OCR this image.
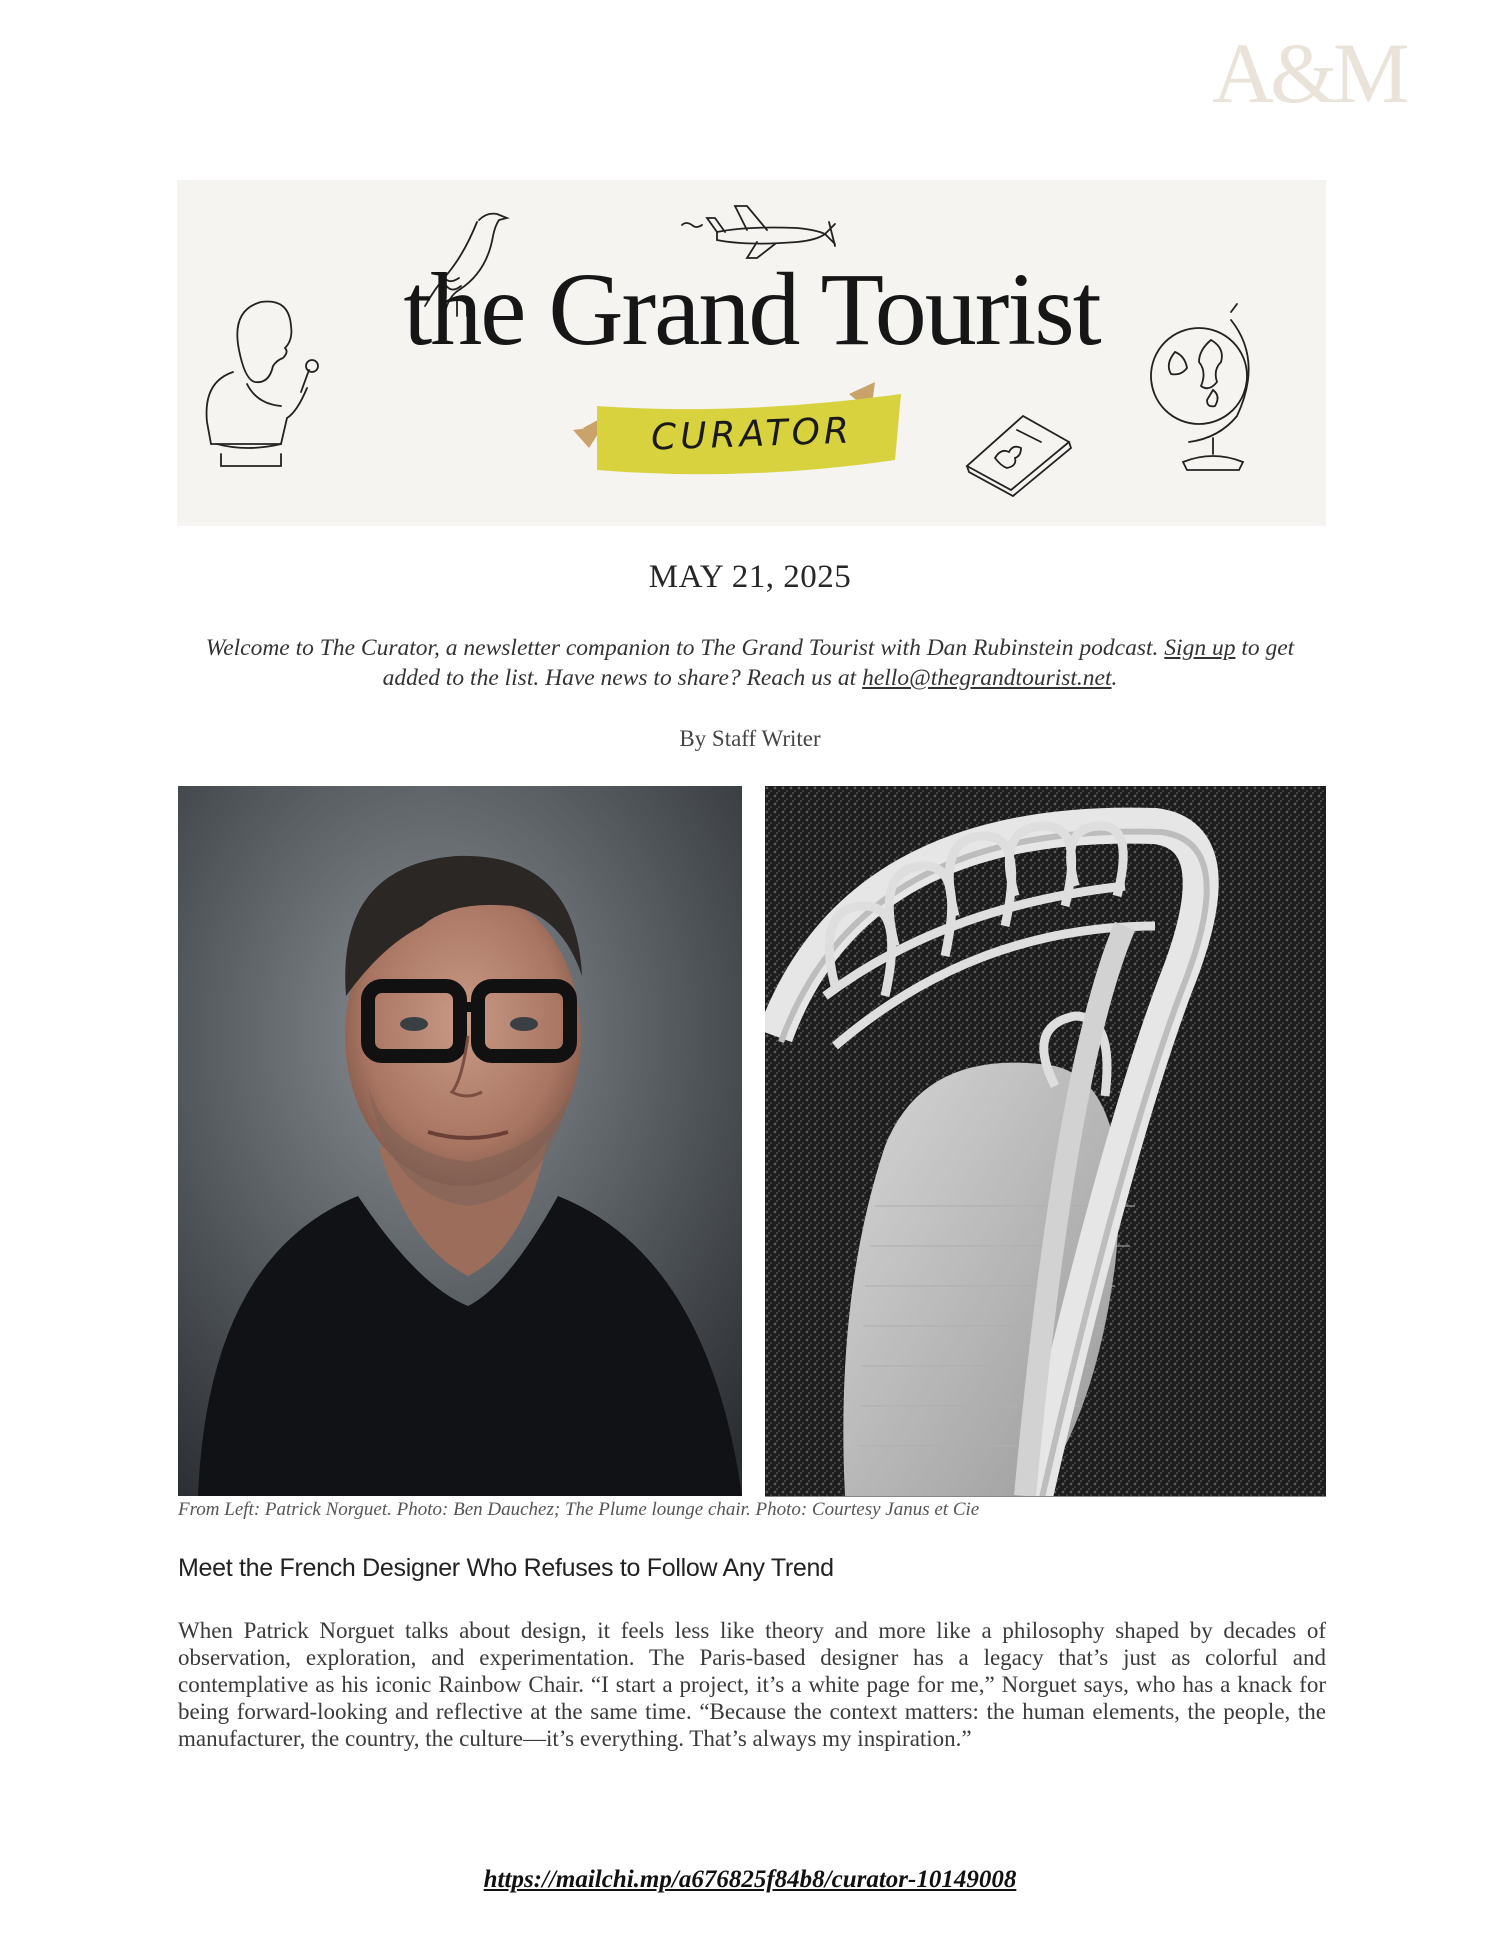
A&M
the Grand Tourist
CURATOR
MAY 21, 2025
Welcome to The Curator, a newsletter companion to The Grand Tourist with Dan Rubinstein podcast. Sign up to get added to the list. Have news to share? Reach us at hello@thegrandtourist.net.
By Staff Writer
From Left: Patrick Norguet. Photo: Ben Dauchez; The Plume lounge chair. Photo: Courtesy Janus et Cie
Meet the French Designer Who Refuses to Follow Any Trend
When Patrick Norguet talks about design, it feels less like theory and more like a philosophy shaped by decades of observation, exploration, and experimentation. The Paris-based designer has a legacy that’s just as colorful and contemplative as his iconic Rainbow Chair. “I start a project, it’s a white page for me,” Norguet says, who has a knack for being forward-looking and reflective at the same time. “Because the context matters: the human elements, the people, the manufacturer, the country, the culture—it’s everything. That’s always my inspiration.”
https://mailchi.mp/a676825f84b8/curator-10149008
